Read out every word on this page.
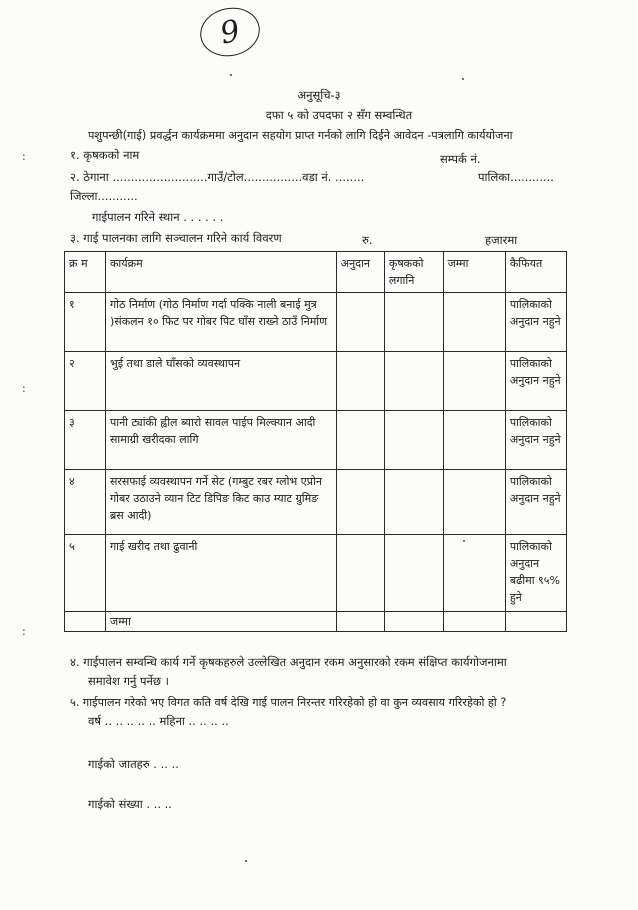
9
अनुसूचि-३
दफा ५ को उपदफा २ सँग सम्वन्धित
पशुपन्छी(गाई) प्रवर्द्धन कार्यक्रममा अनुदान सहयोग प्राप्त गर्नको लागि दिईने आवेदन -पत्रलागि कार्ययोजना
१. कृषकको नाम	सम्पर्क नं.
२. ठेगाना ..........................गाउँ/टोल................वडा नं. ........	पालिका............
जिल्ला...........
गाईपालन गरिने स्थान . . . . . .
३. गाई पालनका लागि सञ्चालन गरिने कार्य विवरण	रु.	हजारमा
क्र म	कार्यक्रम	अनुदान	कृषकको लगानि	जम्मा	कैफियत
१	गोठ निर्माण (गोठ निर्माण गर्दा पक्कि नाली बनाई मुत्र )संकलन १० फिट पर गोबर पिट घाँस राख्ने ठाउँ निर्माण				पालिकाको अनुदान नहुने
२	भुई तथा डाले घाँसको व्यवस्थापन				पालिकाको अनुदान नहुने
३	पानी ट्यांकी ह्वील ब्यारो सावल पाईप मिल्क्यान आदी सामाग्री खरीदका लागि				पालिकाको अनुदान नहुने
४	सरसफाई व्यवस्थापन गर्ने सेट (गम्बुट रबर ग्लोभ एप्रोन गोबर उठाउने व्यान टिट डिपिङ किट काउ म्याट ग्रुमिङ ब्रस आदी)				पालिकाको अनुदान नहुने
५	गाई खरीद तथा ढुवानी				पालिकाको अनुदान बढीमा ९५% हुने
	जम्मा				
४. गाईपालन सम्वन्धि कार्य गर्ने कृषकहरुले उल्लेखित अनुदान रकम अनुसारको रकम संक्षिप्त कार्यगोजनामा
समावेश गर्नु पर्नेछ ।
५. गाईपालन गरेको भए विगत कति वर्ष देखि गाई पालन निरन्तर गरिरहेको हो वा कुन व्यवसाय गरिरहेको हो ?
वर्ष .. .. .. .. .. महिना .. .. .. ..
गाईको जातहरु . .. ..
गाईको संख्या . .. ..
:
:
:
